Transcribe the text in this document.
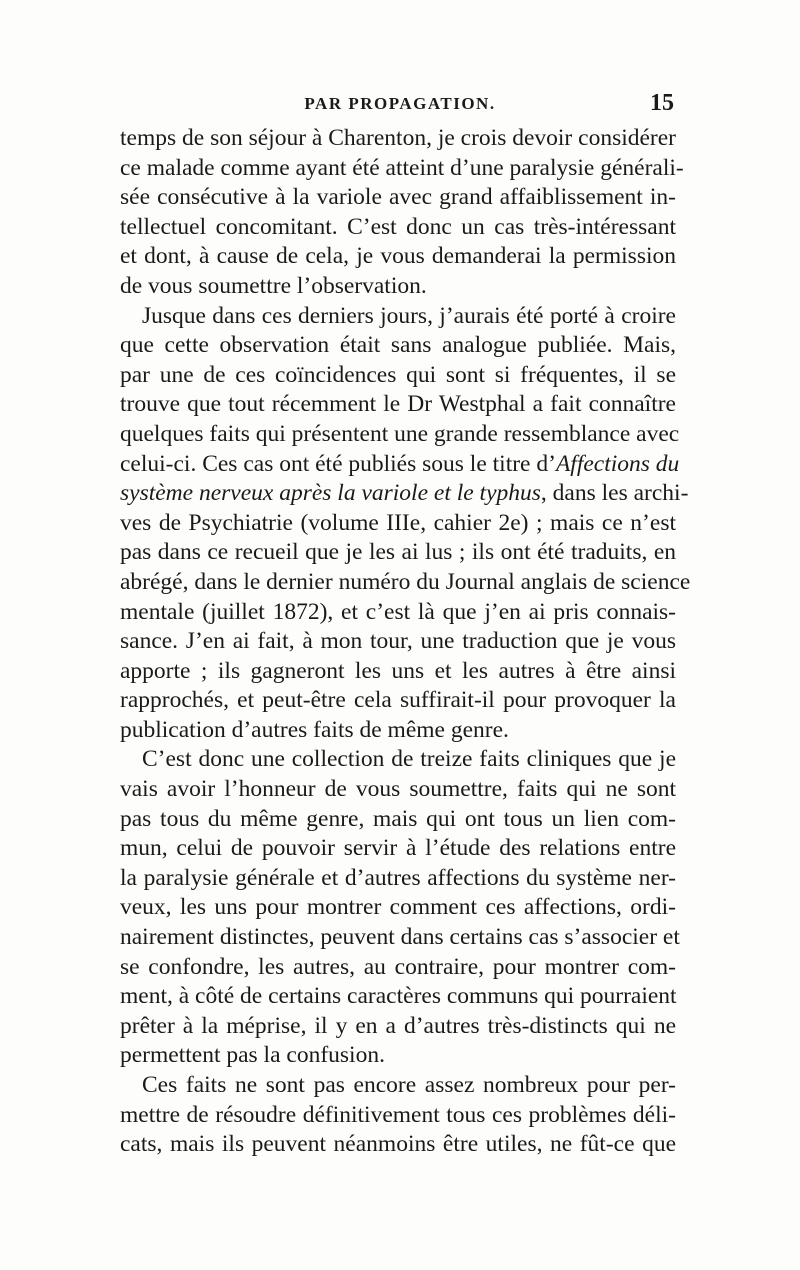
PAR PROPAGATION.	15
temps de son séjour à Charenton, je crois devoir considérer
ce malade comme ayant été atteint d’une paralysie générali-
sée consécutive à la variole avec grand affaiblissement in-
tellectuel concomitant. C’est donc un cas très-intéressant
et dont, à cause de cela, je vous demanderai la permission
de vous soumettre l’observation.
Jusque dans ces derniers jours, j’aurais été porté à croire
que cette observation était sans analogue publiée. Mais,
par une de ces coïncidences qui sont si fréquentes, il se
trouve que tout récemment le Dr Westphal a fait connaître
quelques faits qui présentent une grande ressemblance avec
celui-ci. Ces cas ont été publiés sous le titre d’Affections du
système nerveux après la variole et le typhus, dans les archi-
ves de Psychiatrie (volume IIIe, cahier 2e) ; mais ce n’est
pas dans ce recueil que je les ai lus ; ils ont été traduits, en
abrégé, dans le dernier numéro du Journal anglais de science
mentale (juillet 1872), et c’est là que j’en ai pris connais-
sance. J’en ai fait, à mon tour, une traduction que je vous
apporte ; ils gagneront les uns et les autres à être ainsi
rapprochés, et peut-être cela suffirait-il pour provoquer la
publication d’autres faits de même genre.
C’est donc une collection de treize faits cliniques que je
vais avoir l’honneur de vous soumettre, faits qui ne sont
pas tous du même genre, mais qui ont tous un lien com-
mun, celui de pouvoir servir à l’étude des relations entre
la paralysie générale et d’autres affections du système ner-
veux, les uns pour montrer comment ces affections, ordi-
nairement distinctes, peuvent dans certains cas s’associer et
se confondre, les autres, au contraire, pour montrer com-
ment, à côté de certains caractères communs qui pourraient
prêter à la méprise, il y en a d’autres très-distincts qui ne
permettent pas la confusion.
Ces faits ne sont pas encore assez nombreux pour per-
mettre de résoudre définitivement tous ces problèmes déli-
cats, mais ils peuvent néanmoins être utiles, ne fût-ce que
